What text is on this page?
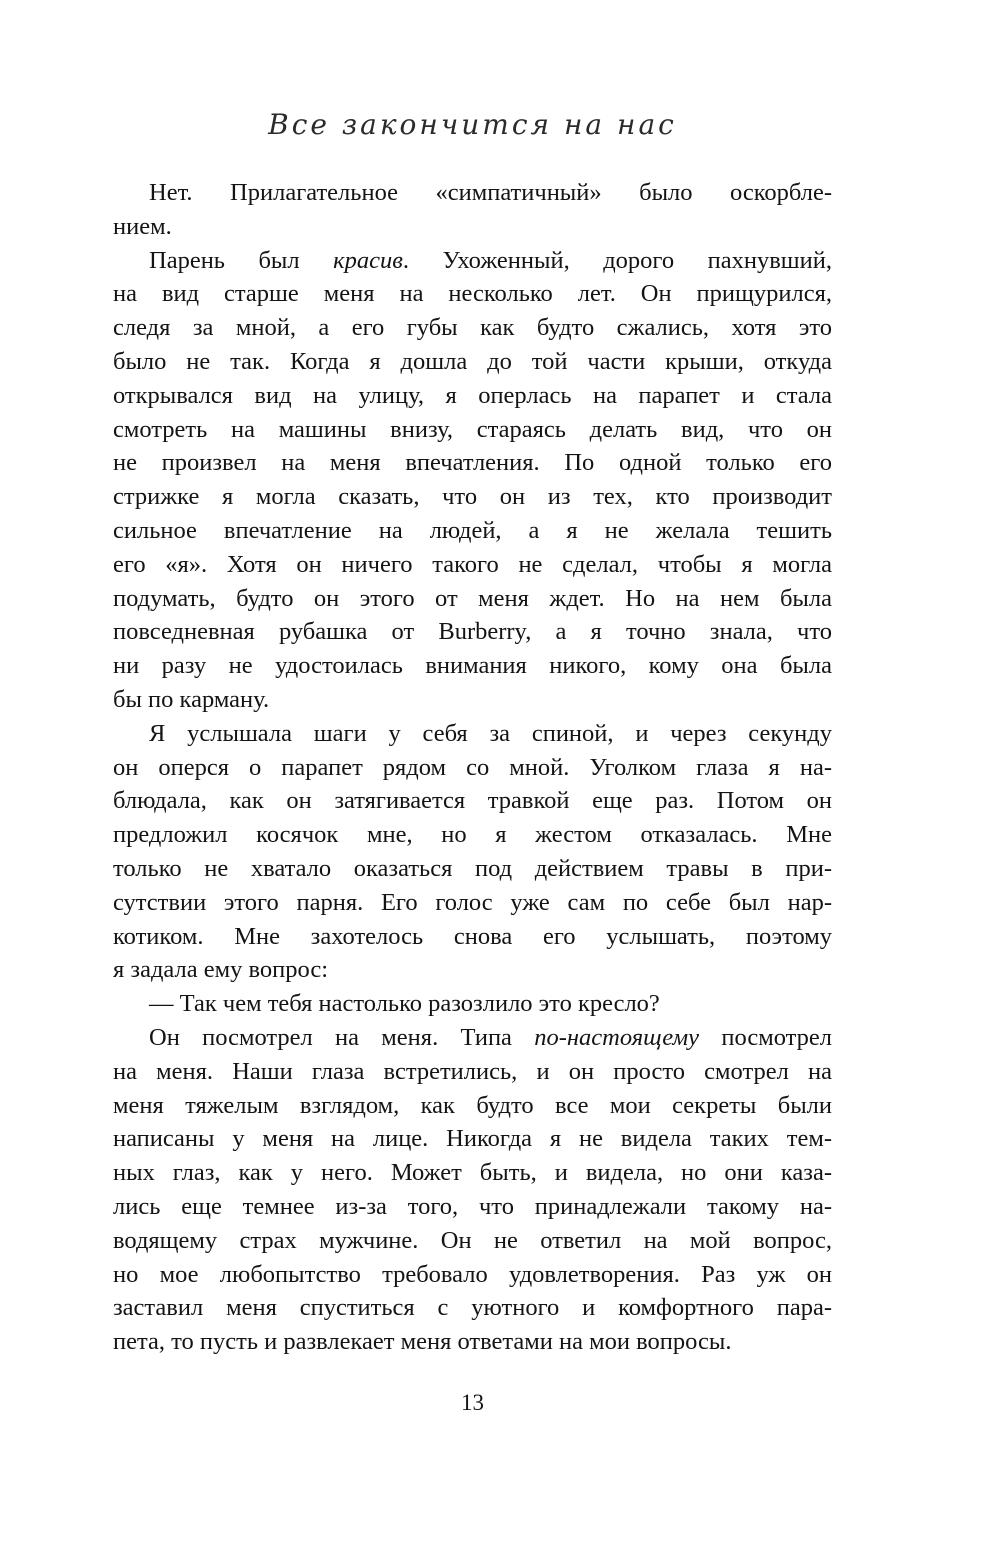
Все закончится на нас
Нет. Прилагательное «симпатичный» было оскорбле-
нием.
Парень был красив. Ухоженный, дорого пахнувший,
на вид старше меня на несколько лет. Он прищурился,
следя за мной, а его губы как будто сжались, хотя это
было не так. Когда я дошла до той части крыши, откуда
открывался вид на улицу, я оперлась на парапет и стала
смотреть на машины внизу, стараясь делать вид, что он
не произвел на меня впечатления. По одной только его
стрижке я могла сказать, что он из тех, кто производит
сильное впечатление на людей, а я не желала тешить
его «я». Хотя он ничего такого не сделал, чтобы я могла
подумать, будто он этого от меня ждет. Но на нем была
повседневная рубашка от Burberry, а я точно знала, что
ни разу не удостоилась внимания никого, кому она была
бы по карману.
Я услышала шаги у себя за спиной, и через секунду
он оперся о парапет рядом со мной. Уголком глаза я на-
блюдала, как он затягивается травкой еще раз. Потом он
предложил косячок мне, но я жестом отказалась. Мне
только не хватало оказаться под действием травы в при-
сутствии этого парня. Его голос уже сам по себе был нар-
котиком. Мне захотелось снова его услышать, поэтому
я задала ему вопрос:
— Так чем тебя настолько разозлило это кресло?
Он посмотрел на меня. Типа по-настоящему посмотрел
на меня. Наши глаза встретились, и он просто смотрел на
меня тяжелым взглядом, как будто все мои секреты были
написаны у меня на лице. Никогда я не видела таких тем-
ных глаз, как у него. Может быть, и видела, но они каза-
лись еще темнее из-за того, что принадлежали такому на-
водящему страх мужчине. Он не ответил на мой вопрос,
но мое любопытство требовало удовлетворения. Раз уж он
заставил меня спуститься с уютного и комфортного пара-
пета, то пусть и развлекает меня ответами на мои вопросы.
13
